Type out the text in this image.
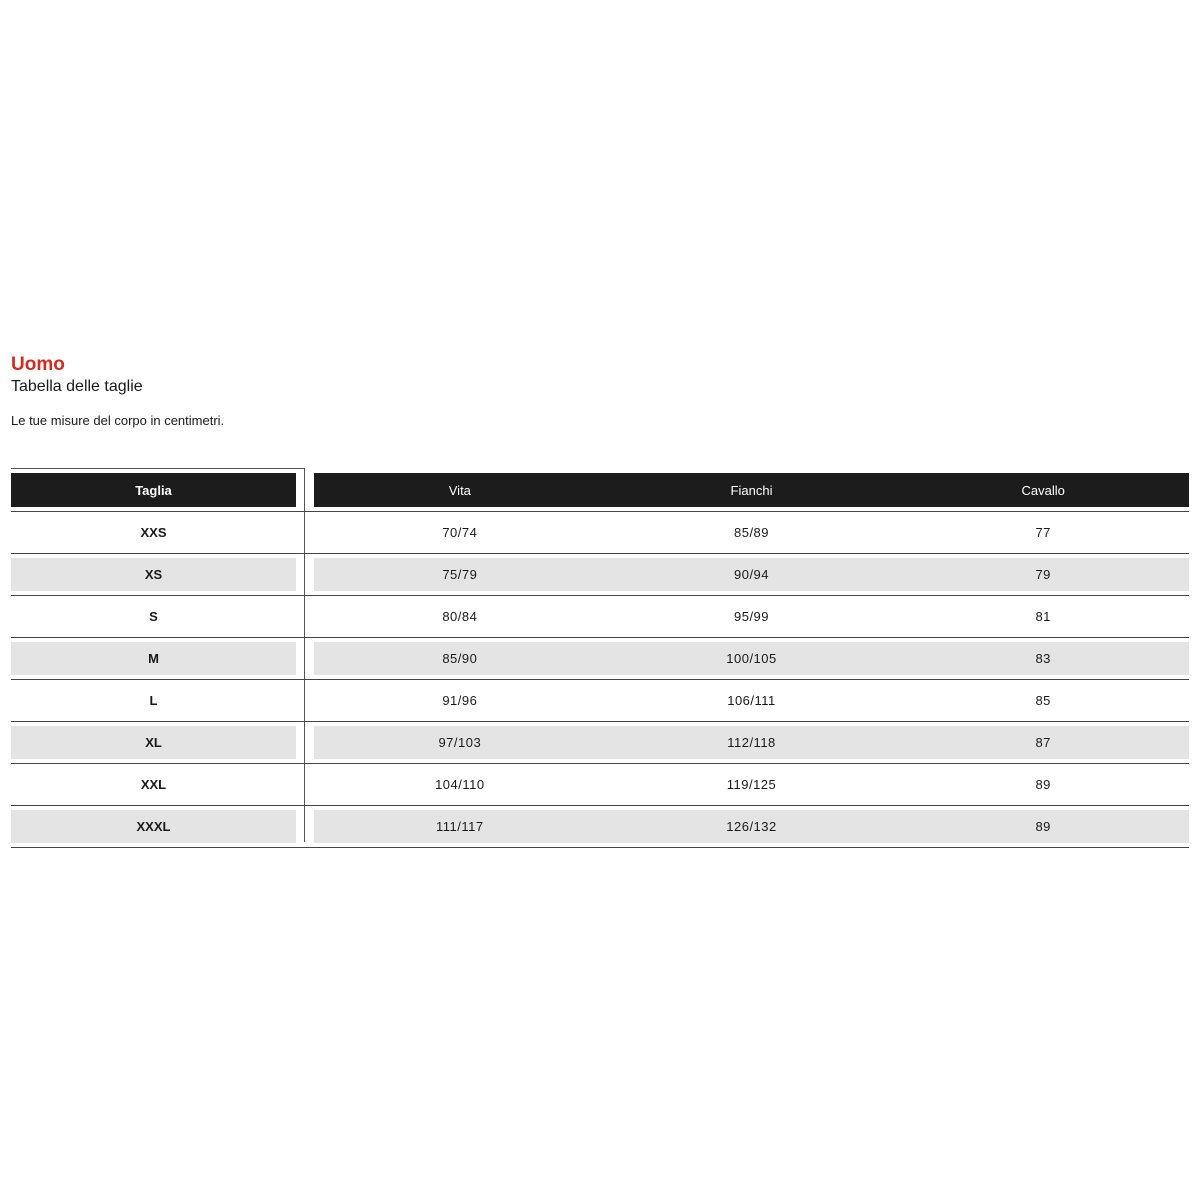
Uomo
Tabella delle taglie
Le tue misure del corpo in centimetri.
Taglia	Vita	Fianchi	Cavallo
XXS	70/74	85/89	77
XS	75/79	90/94	79
S	80/84	95/99	81
M	85/90	100/105	83
L	91/96	106/111	85
XL	97/103	112/118	87
XXL	104/110	119/125	89
XXXL	111/117	126/132	89
